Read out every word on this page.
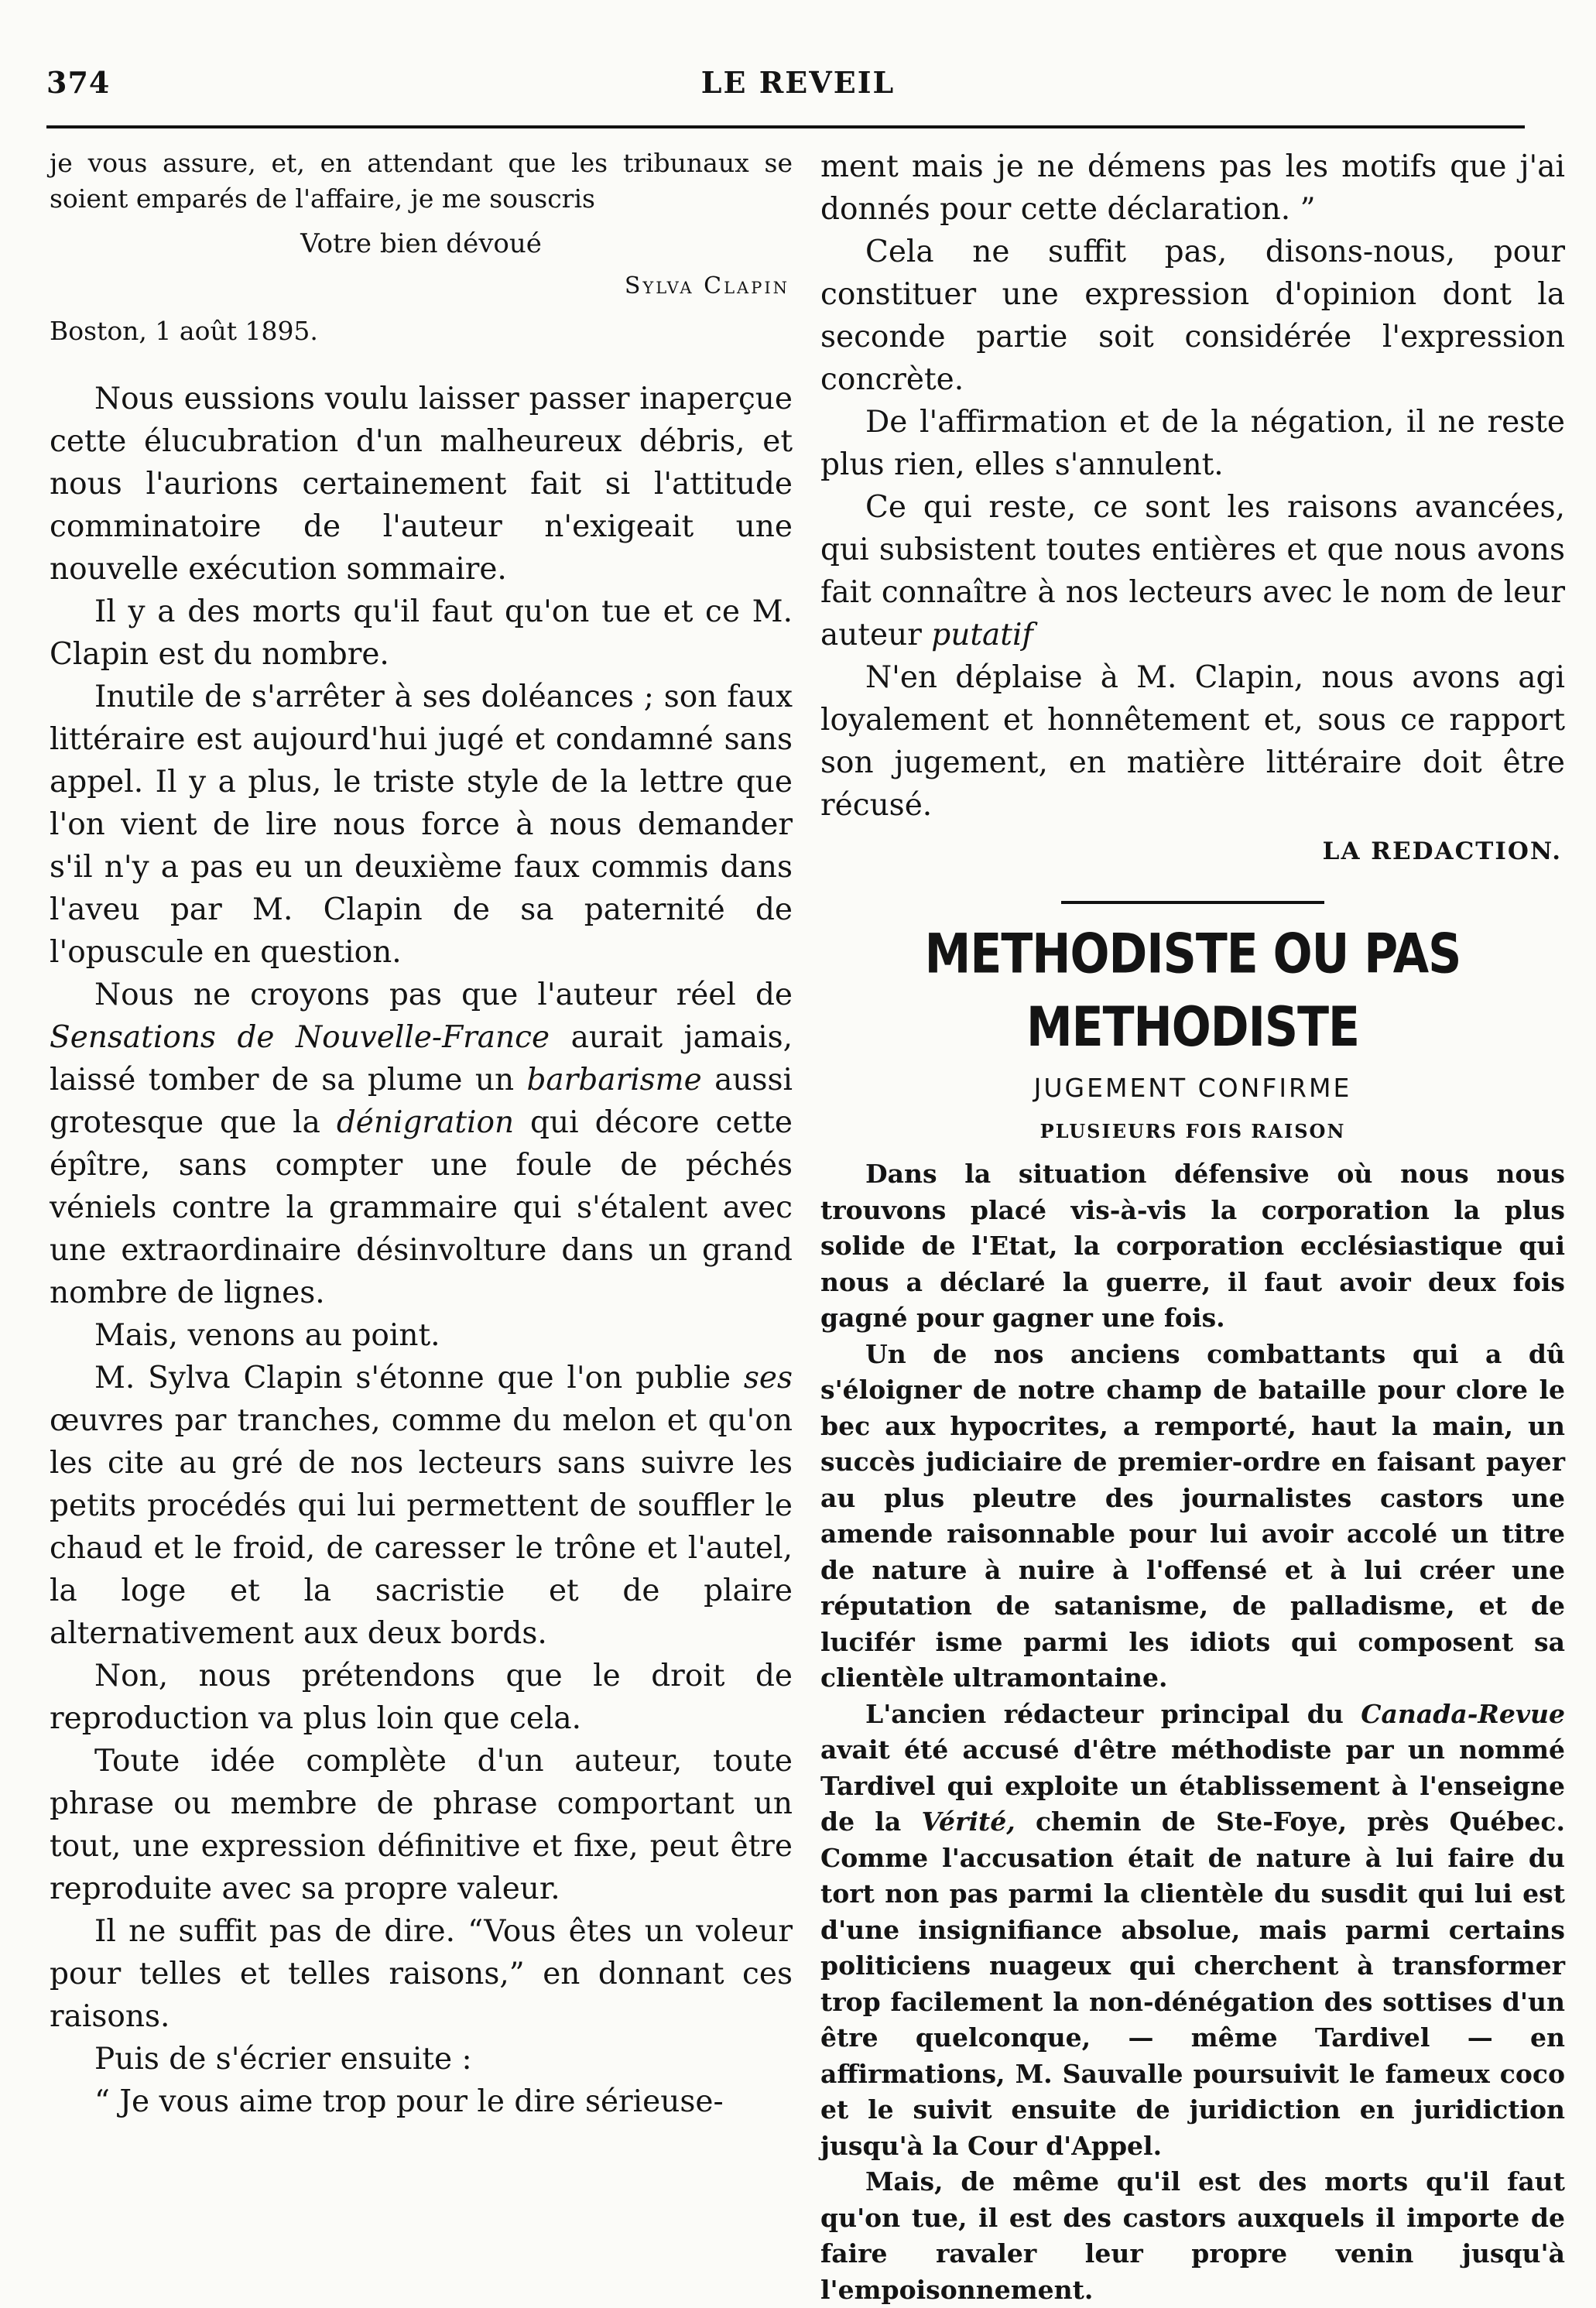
374	LE REVEIL

je vous assure, et, en attendant que les tribunaux se soient emparés de l'affaire, je me souscris

Votre bien dévoué
Sylva Clapin
Boston, 1 août 1895.

Nous eussions voulu laisser passer inaperçue cette élucubration d'un malheureux débris, et nous l'aurions certainement fait si l'attitude comminatoire de l'auteur n'exigeait une nouvelle exécution sommaire.

Il y a des morts qu'il faut qu'on tue et ce M. Clapin est du nombre.

Inutile de s'arrêter à ses doléances ; son faux littéraire est aujourd'hui jugé et condamné sans appel. Il y a plus, le triste style de la lettre que l'on vient de lire nous force à nous demander s'il n'y a pas eu un deuxième faux commis dans l'aveu par M. Clapin de sa paternité de l'opuscule en question.

Nous ne croyons pas que l'auteur réel de Sensations de Nouvelle-France aurait jamais, laissé tomber de sa plume un barbarisme aussi grotesque que la dénigration qui décore cette épître, sans compter une foule de péchés véniels contre la grammaire qui s'étalent avec une extraordinaire désinvolture dans un grand nombre de lignes.

Mais, venons au point.

M. Sylva Clapin s'étonne que l'on publie ses œuvres par tranches, comme du melon et qu'on les cite au gré de nos lecteurs sans suivre les petits procédés qui lui permettent de souffler le chaud et le froid, de caresser le trône et l'autel, la loge et la sacristie et de plaire alternativement aux deux bords.

Non, nous prétendons que le droit de reproduction va plus loin que cela.

Toute idée complète d'un auteur, toute phrase ou membre de phrase comportant un tout, une expression définitive et fixe, peut être reproduite avec sa propre valeur.

Il ne suffit pas de dire. “Vous êtes un voleur pour telles et telles raisons,” en donnant ces raisons.

Puis de s'écrier ensuite :

“ Je vous aime trop pour le dire sérieuse-

ment mais je ne démens pas les motifs que j'ai donnés pour cette déclaration. ”

Cela ne suffit pas, disons-nous, pour constituer une expression d'opinion dont la seconde partie soit considérée l'expression concrète.

De l'affirmation et de la négation, il ne reste plus rien, elles s'annulent.

Ce qui reste, ce sont les raisons avancées, qui subsistent toutes entières et que nous avons fait connaître à nos lecteurs avec le nom de leur auteur putatif

N'en déplaise à M. Clapin, nous avons agi loyalement et honnêtement et, sous ce rapport son jugement, en matière littéraire doit être récusé.

LA REDACTION.
METHODISTE OU PAS METHODISTE
JUGEMENT CONFIRME
PLUSIEURS FOIS RAISON

Dans la situation défensive où nous nous trouvons placé vis-à-vis la corporation la plus solide de l'Etat, la corporation ecclésiastique qui nous a déclaré la guerre, il faut avoir deux fois gagné pour gagner une fois.

Un de nos anciens combattants qui a dû s'éloigner de notre champ de bataille pour clore le bec aux hypocrites, a remporté, haut la main, un succès judiciaire de premier-ordre en faisant payer au plus pleutre des journalistes castors une amende raisonnable pour lui avoir accolé un titre de nature à nuire à l'offensé et à lui créer une réputation de satanisme, de palladisme, et de lucifér isme parmi les idiots qui composent sa clientèle ultramontaine.

L'ancien rédacteur principal du Canada-Revue avait été accusé d'être méthodiste par un nommé Tardivel qui exploite un établissement à l'enseigne de la Vérité, chemin de Ste-Foye, près Québec. Comme l'accusation était de nature à lui faire du tort non pas parmi la clientèle du susdit qui lui est d'une insignifiance absolue, mais parmi certains politiciens nuageux qui cherchent à transformer trop facilement la non-dénégation des sottises d'un être quelconque, — même Tardivel — en affirmations, M. Sauvalle poursuivit le fameux coco et le suivit ensuite de juridiction en juridiction jusqu'à la Cour d'Appel.

Mais, de même qu'il est des morts qu'il faut qu'on tue, il est des castors auxquels il importe de faire ravaler leur propre venin jusqu'à l'empoisonnement.
